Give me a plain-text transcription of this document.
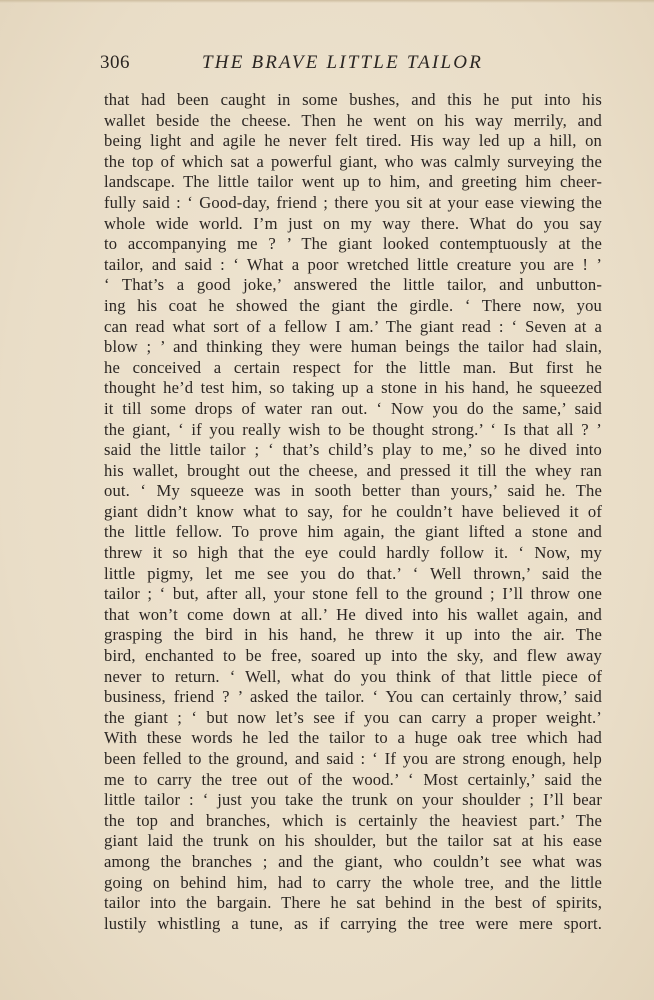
306	THE BRAVE LITTLE TAILOR
that had been caught in some bushes, and this he put into his
wallet beside the cheese. Then he went on his way merrily, and
being light and agile he never felt tired. His way led up a hill, on
the top of which sat a powerful giant, who was calmly surveying the
landscape. The little tailor went up to him, and greeting him cheer-
fully said : ‘ Good-day, friend ; there you sit at your ease viewing the
whole wide world. I’m just on my way there. What do you say
to accompanying me ? ’ The giant looked contemptuously at the
tailor, and said : ‘ What a poor wretched little creature you are ! ’
‘ That’s a good joke,’ answered the little tailor, and unbutton-
ing his coat he showed the giant the girdle. ‘ There now, you
can read what sort of a fellow I am.’ The giant read : ‘ Seven at a
blow ; ’ and thinking they were human beings the tailor had slain,
he conceived a certain respect for the little man. But first he
thought he’d test him, so taking up a stone in his hand, he squeezed
it till some drops of water ran out. ‘ Now you do the same,’ said
the giant, ‘ if you really wish to be thought strong.’ ‘ Is that all ? ’
said the little tailor ; ‘ that’s child’s play to me,’ so he dived into
his wallet, brought out the cheese, and pressed it till the whey ran
out. ‘ My squeeze was in sooth better than yours,’ said he. The
giant didn’t know what to say, for he couldn’t have believed it of
the little fellow. To prove him again, the giant lifted a stone and
threw it so high that the eye could hardly follow it. ‘ Now, my
little pigmy, let me see you do that.’ ‘ Well thrown,’ said the
tailor ; ‘ but, after all, your stone fell to the ground ; I’ll throw one
that won’t come down at all.’ He dived into his wallet again, and
grasping the bird in his hand, he threw it up into the air. The
bird, enchanted to be free, soared up into the sky, and flew away
never to return. ‘ Well, what do you think of that little piece of
business, friend ? ’ asked the tailor. ‘ You can certainly throw,’ said
the giant ; ‘ but now let’s see if you can carry a proper weight.’
With these words he led the tailor to a huge oak tree which had
been felled to the ground, and said : ‘ If you are strong enough, help
me to carry the tree out of the wood.’ ‘ Most certainly,’ said the
little tailor : ‘ just you take the trunk on your shoulder ; I’ll bear
the top and branches, which is certainly the heaviest part.’ The
giant laid the trunk on his shoulder, but the tailor sat at his ease
among the branches ; and the giant, who couldn’t see what was
going on behind him, had to carry the whole tree, and the little
tailor into the bargain. There he sat behind in the best of spirits,
lustily whistling a tune, as if carrying the tree were mere sport.
